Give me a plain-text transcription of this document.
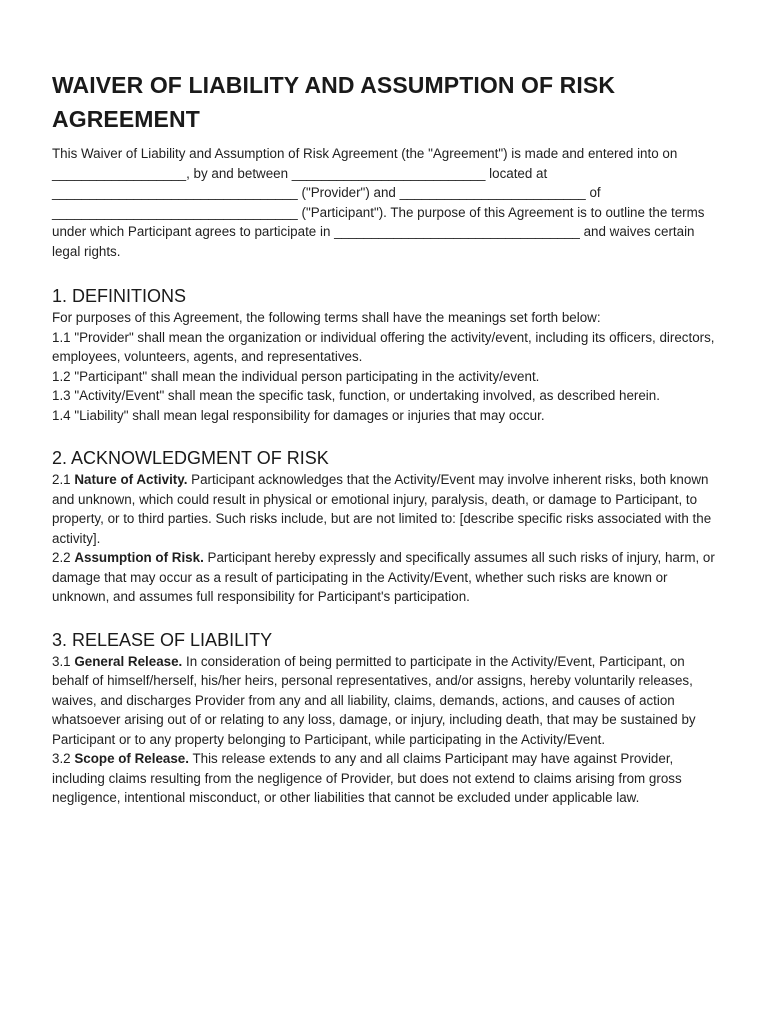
WAIVER OF LIABILITY AND ASSUMPTION OF RISK AGREEMENT

This Waiver of Liability and Assumption of Risk Agreement (the "Agreement") is made and entered into on __________________, by and between __________________________ located at _________________________________ ("Provider") and _________________________ of _________________________________ ("Participant"). The purpose of this Agreement is to outline the terms under which Participant agrees to participate in _________________________________ and waives certain legal rights.

1. DEFINITIONS

For purposes of this Agreement, the following terms shall have the meanings set forth below:

1.1 "Provider" shall mean the organization or individual offering the activity/event, including its officers, directors, employees, volunteers, agents, and representatives.

1.2 "Participant" shall mean the individual person participating in the activity/event.

1.3 "Activity/Event" shall mean the specific task, function, or undertaking involved, as described herein.

1.4 "Liability" shall mean legal responsibility for damages or injuries that may occur.

2. ACKNOWLEDGMENT OF RISK

2.1 Nature of Activity. Participant acknowledges that the Activity/Event may involve inherent risks, both known and unknown, which could result in physical or emotional injury, paralysis, death, or damage to Participant, to property, or to third parties. Such risks include, but are not limited to: [describe specific risks associated with the activity].

2.2 Assumption of Risk. Participant hereby expressly and specifically assumes all such risks of injury, harm, or damage that may occur as a result of participating in the Activity/Event, whether such risks are known or unknown, and assumes full responsibility for Participant's participation.

3. RELEASE OF LIABILITY

3.1 General Release. In consideration of being permitted to participate in the Activity/Event, Participant, on behalf of himself/herself, his/her heirs, personal representatives, and/or assigns, hereby voluntarily releases, waives, and discharges Provider from any and all liability, claims, demands, actions, and causes of action whatsoever arising out of or relating to any loss, damage, or injury, including death, that may be sustained by Participant or to any property belonging to Participant, while participating in the Activity/Event.

3.2 Scope of Release. This release extends to any and all claims Participant may have against Provider, including claims resulting from the negligence of Provider, but does not extend to claims arising from gross negligence, intentional misconduct, or other liabilities that cannot be excluded under applicable law.
